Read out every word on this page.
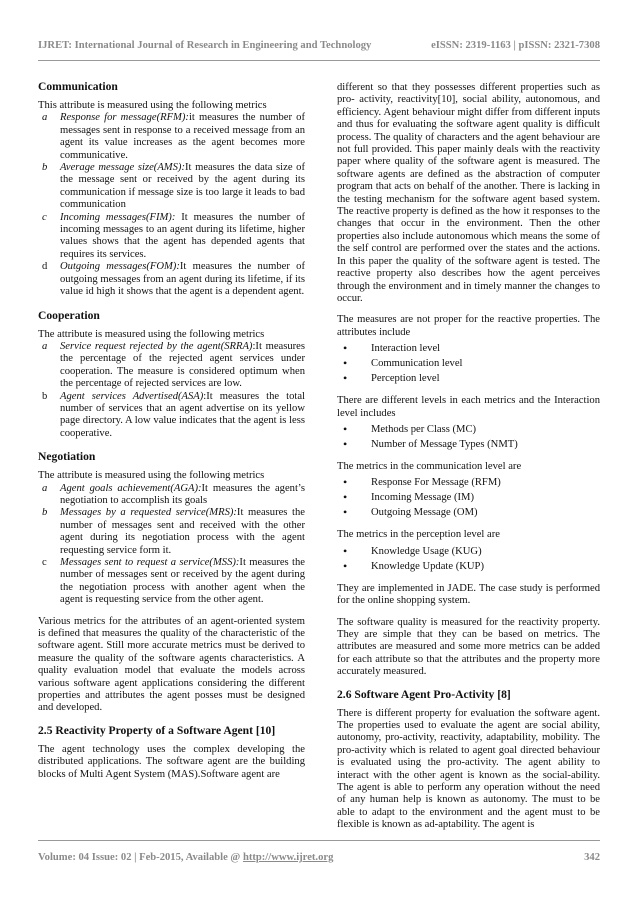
IJRET: International Journal of Research in Engineering and Technology	eISSN: 2319-1163 | pISSN: 2321-7308
Communication
This attribute is measured using the following metrics
a	Response for message(RFM):it measures the number of messages sent in response to a received message from an agent its value increases as the agent becomes more communicative.
b	Average message size(AMS):It measures the data size of the message sent or received by the agent during its communication if message size is too large it leads to bad communication
c	Incoming messages(FIM): It measures the number of incoming messages to an agent during its lifetime, higher values shows that the agent has depended agents that requires its services.
d	Outgoing messages(FOM):It measures the number of outgoing messages from an agent during its lifetime, if its value id high it shows that the agent is a dependent agent.
Cooperation
The attribute is measured using the following metrics
a	Service request rejected by the agent(SRRA):It measures the percentage of the rejected agent services under cooperation. The measure is considered optimum when the percentage of rejected services are low.
b	Agent services Advertised(ASA):It measures the total number of services that an agent advertise on its yellow page directory. A low value indicates that the agent is less cooperative.
Negotiation
The attribute is measured using the following metrics
a	Agent goals achievement(AGA):It measures the agent’s negotiation to accomplish its goals
b	Messages by a requested service(MRS):It measures the number of messages sent and received with the other agent during its negotiation process with the agent requesting service form it.
c	Messages sent to request a service(MSS):It measures the number of messages sent or received by the agent during the negotiation process with another agent when the agent is requesting service from the other agent.

Various metrics for the attributes of an agent-oriented system is defined that measures the quality of the characteristic of the software agent. Still more accurate metrics must be derived to measure the quality of the software agents characteristics. A quality evaluation model that evaluate the models across various software agent applications considering the different properties and attributes the agent posses must be designed and developed.

2.5 Reactivity Property of a Software Agent [10]

The agent technology uses the complex developing the distributed applications. The software agent are the building blocks of Multi Agent System (MAS).Software agent are

different so that they possesses different properties such as pro- activity, reactivity[10], social ability, autonomous, and efficiency. Agent behaviour might differ from different inputs and thus for evaluating the software agent quality is difficult process. The quality of characters and the agent behaviour are not full provided. This paper mainly deals with the reactivity paper where quality of the software agent is measured. The software agents are defined as the abstraction of computer program that acts on behalf of the another. There is lacking in the testing mechanism for the software agent based system. The reactive property is defined as the how it responses to the changes that occur in the environment. Then the other properties also include autonomous which means the some of the self control are performed over the states and the actions. In this paper the quality of the software agent is tested. The reactive property also describes how the agent perceives through the environment and in timely manner the changes to occur.

The measures are not proper for the reactive properties. The attributes include
• Interaction level
• Communication level
• Perception level
There are different levels in each metrics and the Interaction level includes
• Methods per Class (MC)
• Number of Message Types (NMT)
The metrics in the communication level are
• Response For Message (RFM)
• Incoming Message (IM)
• Outgoing Message (OM)
The metrics in the perception level are
• Knowledge Usage (KUG)
• Knowledge Update (KUP)

They are implemented in JADE. The case study is performed for the online shopping system.

The software quality is measured for the reactivity property. They are simple that they can be based on metrics. The attributes are measured and some more metrics can be added for each attribute so that the attributes and the property more accurately measured.

2.6 Software Agent Pro-Activity [8]

There is different property for evaluation the software agent. The properties used to evaluate the agent are social ability, autonomy, pro-activity, reactivity, adaptability, mobility. The pro-activity which is related to agent goal directed behaviour is evaluated using the pro-activity. The agent ability to interact with the other agent is known as the social-ability. The agent is able to perform any operation without the need of any human help is known as autonomy. The must to be able to adapt to the environment and the agent must to be flexible is known as ad-aptability. The agent is

Volume: 04 Issue: 02 | Feb-2015, Available @ http://www.ijret.org	342
